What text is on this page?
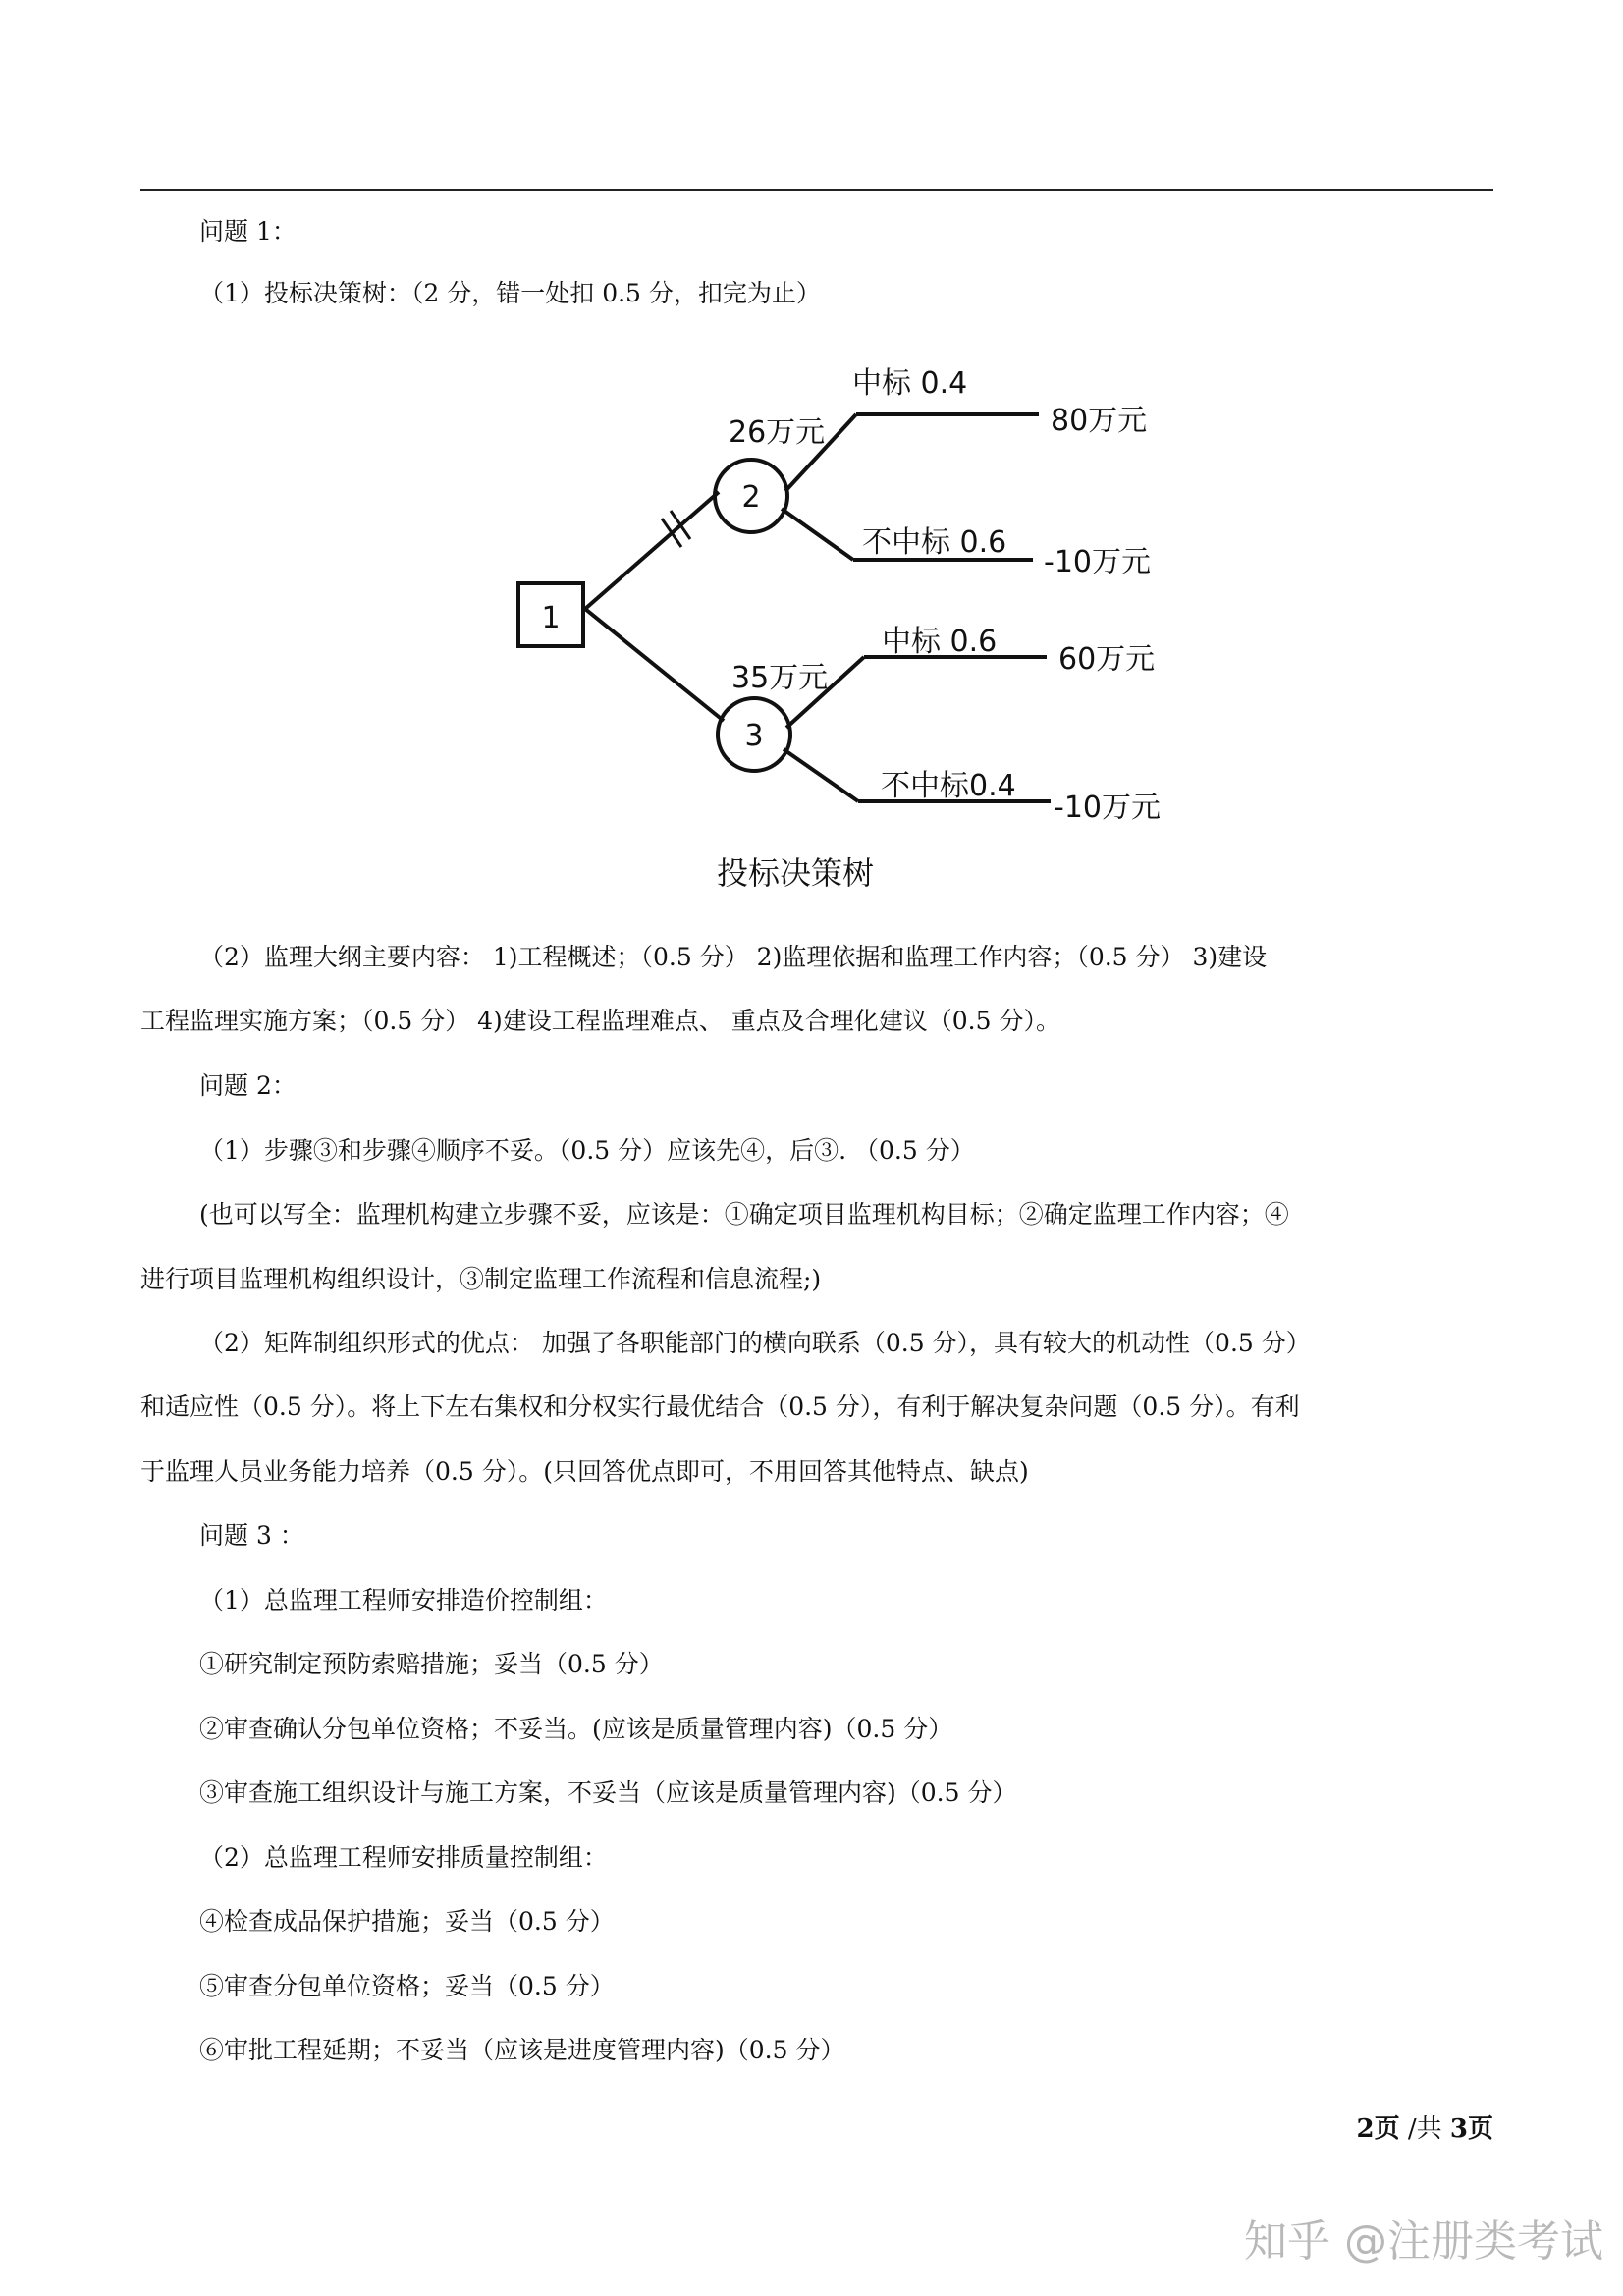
问题 1：
（1）投标决策树：（2 分，错一处扣 0.5 分，扣完为止）
1
2
3
26万元
35万元
中标 0.4
80万元
不中标 0.6
-10万元
中标 0.6
60万元
不中标0.4
-10万元
投标决策树
（2）监理大纲主要内容： 1)工程概述；（0.5 分） 2)监理依据和监理工作内容；（0.5 分） 3)建设
工程监理实施方案；（0.5 分） 4)建设工程监理难点、 重点及合理化建议（0.5 分）。
问题 2：
（1）步骤③和步骤④顺序不妥。（0.5 分）应该先④，后③. （0.5 分）
(也可以写全：监理机构建立步骤不妥，应该是：①确定项目监理机构目标；②确定监理工作内容；④
进行项目监理机构组织设计，③制定监理工作流程和信息流程;)
（2）矩阵制组织形式的优点： 加强了各职能部门的横向联系（0.5 分），具有较大的机动性（0.5 分）
和适应性（0.5 分）。将上下左右集权和分权实行最优结合（0.5 分），有利于解决复杂问题（0.5 分）。有利
于监理人员业务能力培养（0.5 分）。(只回答优点即可，不用回答其他特点、缺点)
问题 3 ：
（1）总监理工程师安排造价控制组：
①研究制定预防索赔措施；妥当（0.5 分）
②审查确认分包单位资格；不妥当。(应该是质量管理内容)（0.5 分）
③审查施工组织设计与施工方案，不妥当（应该是质量管理内容)（0.5 分）
（2）总监理工程师安排质量控制组：
④检查成品保护措施；妥当（0.5 分）
⑤审查分包单位资格；妥当（0.5 分）
⑥审批工程延期；不妥当（应该是进度管理内容)（0.5 分）
2页 /共 3页
知乎 @注册类考试
